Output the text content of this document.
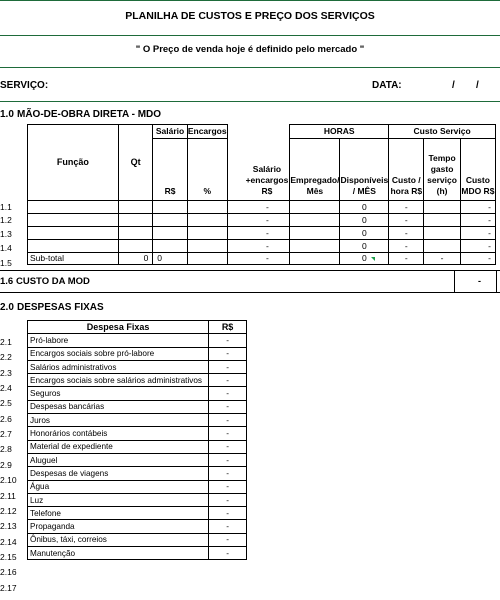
PLANILHA DE CUSTOS E PREÇO DOS SERVIÇOS
" O Preço de venda hoje é definido pelo mercado "
SERVIÇO:	DATA:	/ /
1.0 MÃO-DE-OBRA DIRETA - MDO
Função	Qt	Salário	Encargos		HORAS		Custo Serviço		
		R$	%	Salário +encargos R$	Empregado/ Mês	Disponíveis / MÊS	Custo / hora R$	Tempo gasto serviço (h)	Custo MDO R$
				-		0	-		-
				-		0	-		-
				-		0	-		-
				-		0	-		-
Sub-total	0	0		-		0	-	-	-
1.1
1.2
1.3
1.4
1.5
1.6 CUSTO DA MOD	-
2.0 DESPESAS FIXAS
Despesa Fixas	R$
Pró-labore	-
Encargos sociais sobre pró-labore	-
Salários administrativos	-
Encargos sociais sobre salários administrativos	-
Seguros	-
Despesas bancárias	-
Juros	-
Honorários contábeis	-
Material de expediente	-
Aluguel	-
Despesas de viagens	-
Água	-
Luz	-
Telefone	-
Propaganda	-
Ônibus, táxi, correios	-
Manutenção	-
2.1
2.2
2.3
2.4
2.5
2.6
2.7
2.8
2.9
2.10
2.11
2.12
2.13
2.14
2.15
2.16
2.17
